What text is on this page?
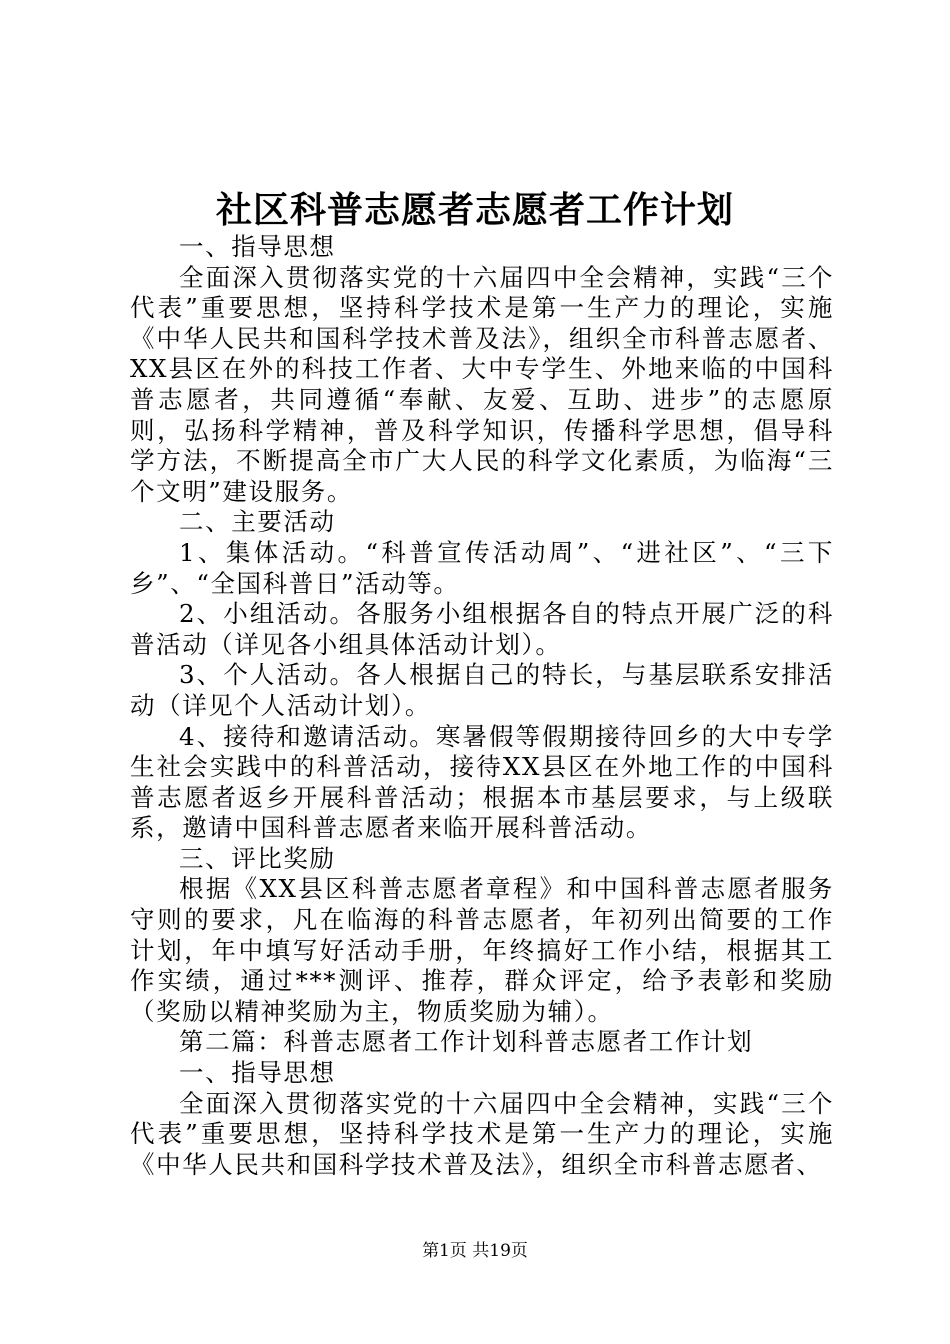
社区科普志愿者志愿者工作计划

一、指导思想

全面深入贯彻落实党的十六届四中全会精神，实践“三个代表”重要思想，坚持科学技术是第一生产力的理论，实施《中华人民共和国科学技术普及法》，组织全市科普志愿者、XX县区在外的科技工作者、大中专学生、外地来临的中国科普志愿者，共同遵循“奉献、友爱、互助、进步”的志愿原则，弘扬科学精神，普及科学知识，传播科学思想，倡导科学方法，不断提高全市广大人民的科学文化素质，为临海“三个文明”建设服务。

二、主要活动

1、集体活动。“科普宣传活动周”、“进社区”、“三下乡”、“全国科普日”活动等。

2、小组活动。各服务小组根据各自的特点开展广泛的科普活动（详见各小组具体活动计划）。

3、个人活动。各人根据自己的特长，与基层联系安排活动（详见个人活动计划）。

4、接待和邀请活动。寒暑假等假期接待回乡的大中专学生社会实践中的科普活动，接待XX县区在外地工作的中国科普志愿者返乡开展科普活动；根据本市基层要求，与上级联系，邀请中国科普志愿者来临开展科普活动。

三、评比奖励

根据《XX县区科普志愿者章程》和中国科普志愿者服务守则的要求，凡在临海的科普志愿者，年初列出简要的工作计划，年中填写好活动手册，年终搞好工作小结，根据其工作实绩，通过***测评、推荐，群众评定，给予表彰和奖励（奖励以精神奖励为主，物质奖励为辅）。

第二篇：科普志愿者工作计划科普志愿者工作计划

一、指导思想

全面深入贯彻落实党的十六届四中全会精神，实践“三个代表”重要思想，坚持科学技术是第一生产力的理论，实施《中华人民共和国科学技术普及法》，组织全市科普志愿者、

第1页 共19页
